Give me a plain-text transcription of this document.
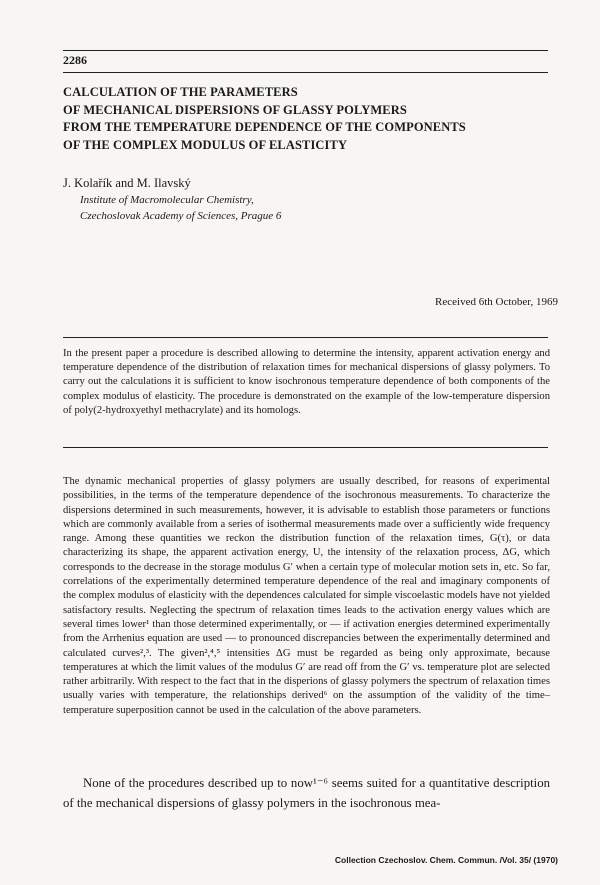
2286
CALCULATION OF THE PARAMETERS
OF MECHANICAL DISPERSIONS OF GLASSY POLYMERS
FROM THE TEMPERATURE DEPENDENCE OF THE COMPONENTS
OF THE COMPLEX MODULUS OF ELASTICITY
J. Kolařík and M. Ilavský
Institute of Macromolecular Chemistry,
Czechoslovak Academy of Sciences, Prague 6
Received 6th October, 1969

In the present paper a procedure is described allowing to determine the intensity, apparent activation energy and temperature dependence of the distribution of relaxation times for mechanical dispersions of glassy polymers. To carry out the calculations it is sufficient to know isochronous temperature dependence of both components of the complex modulus of elasticity. The procedure is demonstrated on the example of the low-temperature dispersion of poly(2-hydroxyethyl methacrylate) and its homologs.

The dynamic mechanical properties of glassy polymers are usually described, for reasons of experimental possibilities, in the terms of the temperature dependence of the isochronous measurements. To characterize the dispersions determined in such measurements, however, it is advisable to establish those parameters or functions which are commonly available from a series of isothermal measurements made over a sufficiently wide frequency range. Among these quantities we reckon the distribution function of the relaxation times, G(τ), or data characterizing its shape, the apparent activation energy, U, the intensity of the relaxation process, ΔG, which corresponds to the decrease in the storage modulus G′ when a certain type of molecular motion sets in, etc. So far, correlations of the experimentally determined temperature dependence of the real and imaginary components of the complex modulus of elasticity with the dependences calculated for simple viscoelastic models have not yielded satisfactory results. Neglecting the spectrum of relaxation times leads to the activation energy values which are several times lower¹ than those determined experimentally, or — if activation energies determined experimentally from the Arrhenius equation are used — to pronounced discrepancies between the experimentally determined and calculated curves²,³. The given²,⁴,⁵ intensities ΔG must be regarded as being only approximate, because temperatures at which the limit values of the modulus G′ are read off from the G′ vs. temperature plot are selected rather arbitrarily. With respect to the fact that in the disperions of glassy polymers the spectrum of relaxation times usually varies with temperature, the relationships derived⁶ on the assumption of the validity of the time–temperature superposition cannot be used in the calculation of the above parameters.

None of the procedures described up to now¹⁻⁶ seems suited for a quantitative description of the mechanical dispersions of glassy polymers in the isochronous mea-

Collection Czechoslov. Chem. Commun. /Vol. 35/ (1970)
